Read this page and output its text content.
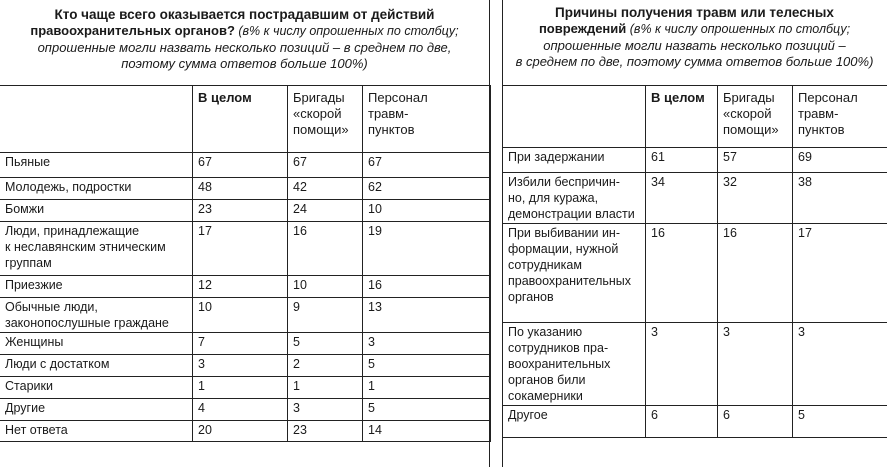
Кто чаще всего оказывается пострадавшим от действий
правоохранительных органов? (в% к числу опрошенных по столбцу;
опрошенные могли назвать несколько позиций – в среднем по две,
поэтому сумма ответов больше 100%)
	В целом	Бригады
«скорой
помощи»	Персонал
травм-
пунктов
Пьяные	67	67	67
Молодежь, подростки	48	42	62
Бомжи	23	24	10
Люди, принадлежащие
к неславянским этническим
группам	17	16	19
Приезжие	12	10	16
Обычные люди,
законопослушные граждане	10	9	13
Женщины	7	5	3
Люди с достатком	3	2	5
Старики	1	1	1
Другие	4	3	5
Нет ответа	20	23	14
Причины получения травм или телесных
повреждений (в% к числу опрошенных по столбцу;
опрошенные могли назвать несколько позиций –
в среднем по две, поэтому сумма ответов больше 100%)
	В целом	Бригады
«скорой
помощи»	Персонал
травм-
пунктов
При задержании	61	57	69
Избили беспричин-
но, для куража,
демонстрации власти	34	32	38
При выбивании ин-
формации, нужной
сотрудникам
правоохранительных
органов	16	16	17
По указанию
сотрудников пра-
воохранительных
органов били
сокамерники	3	3	3
Другое	6	6	5
